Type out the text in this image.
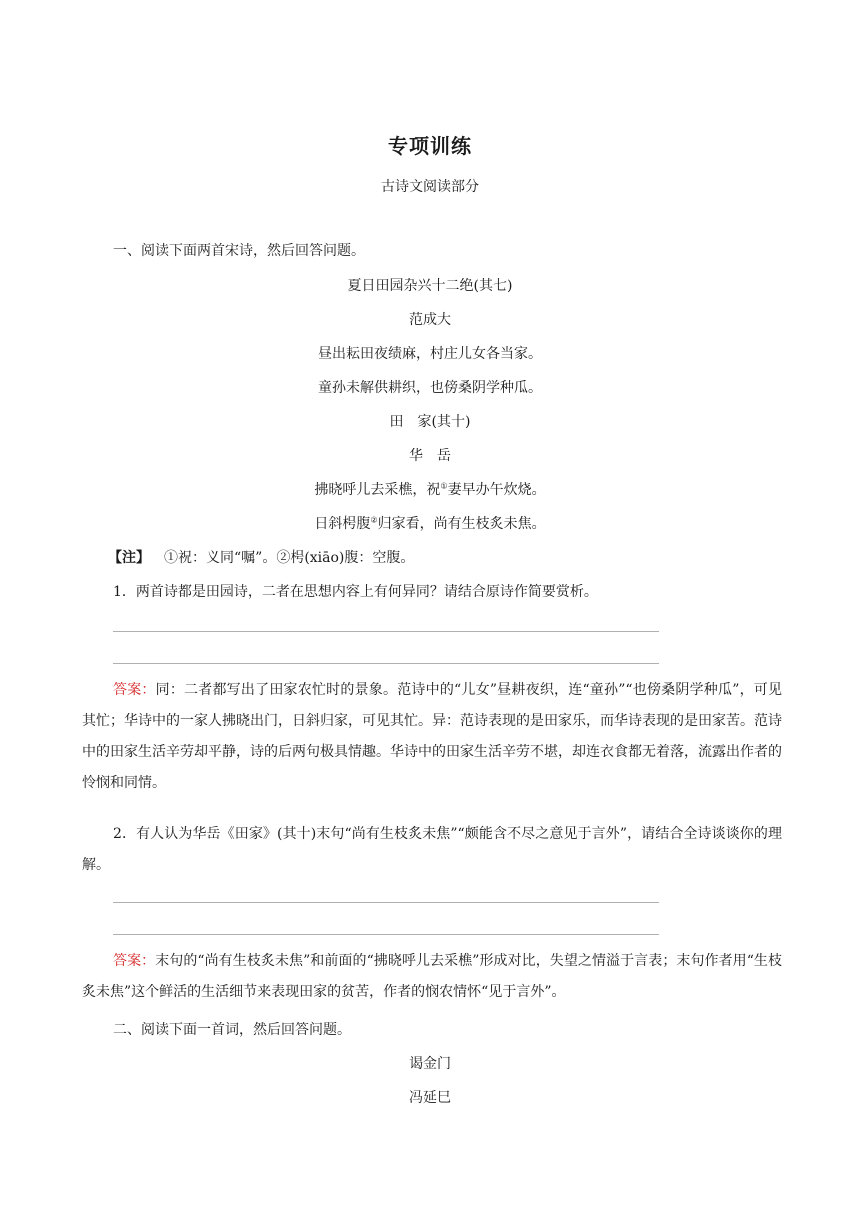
专项训练
古诗文阅读部分
一、阅读下面两首宋诗，然后回答问题。
夏日田园杂兴十二绝(其七)
范成大
昼出耘田夜绩麻，村庄儿女各当家。
童孙未解供耕织，也傍桑阴学种瓜。
田　家(其十)
华　岳
拂晓呼儿去采樵，祝①妻早办午炊烧。
日斜枵腹②归家看，尚有生枝炙未焦。
【注】 ①祝：义同“嘱”。②枵(xiāo)腹：空腹。
1．两首诗都是田园诗，二者在思想内容上有何异同？请结合原诗作简要赏析。
答案：同：二者都写出了田家农忙时的景象。范诗中的“儿女”昼耕夜织，连“童孙”“也傍桑阴学种瓜”，可见其忙；华诗中的一家人拂晓出门，日斜归家，可见其忙。异：范诗表现的是田家乐，而华诗表现的是田家苦。范诗中的田家生活辛劳却平静，诗的后两句极具情趣。华诗中的田家生活辛劳不堪，却连衣食都无着落，流露出作者的怜悯和同情。
2．有人认为华岳《田家》(其十)末句“尚有生枝炙未焦”“颇能含不尽之意见于言外”，请结合全诗谈谈你的理解。
答案：末句的“尚有生枝炙未焦”和前面的“拂晓呼儿去采樵”形成对比，失望之情溢于言表；末句作者用“生枝炙未焦”这个鲜活的生活细节来表现田家的贫苦，作者的悯农情怀“见于言外”。
二、阅读下面一首词，然后回答问题。
谒金门
冯延巳
